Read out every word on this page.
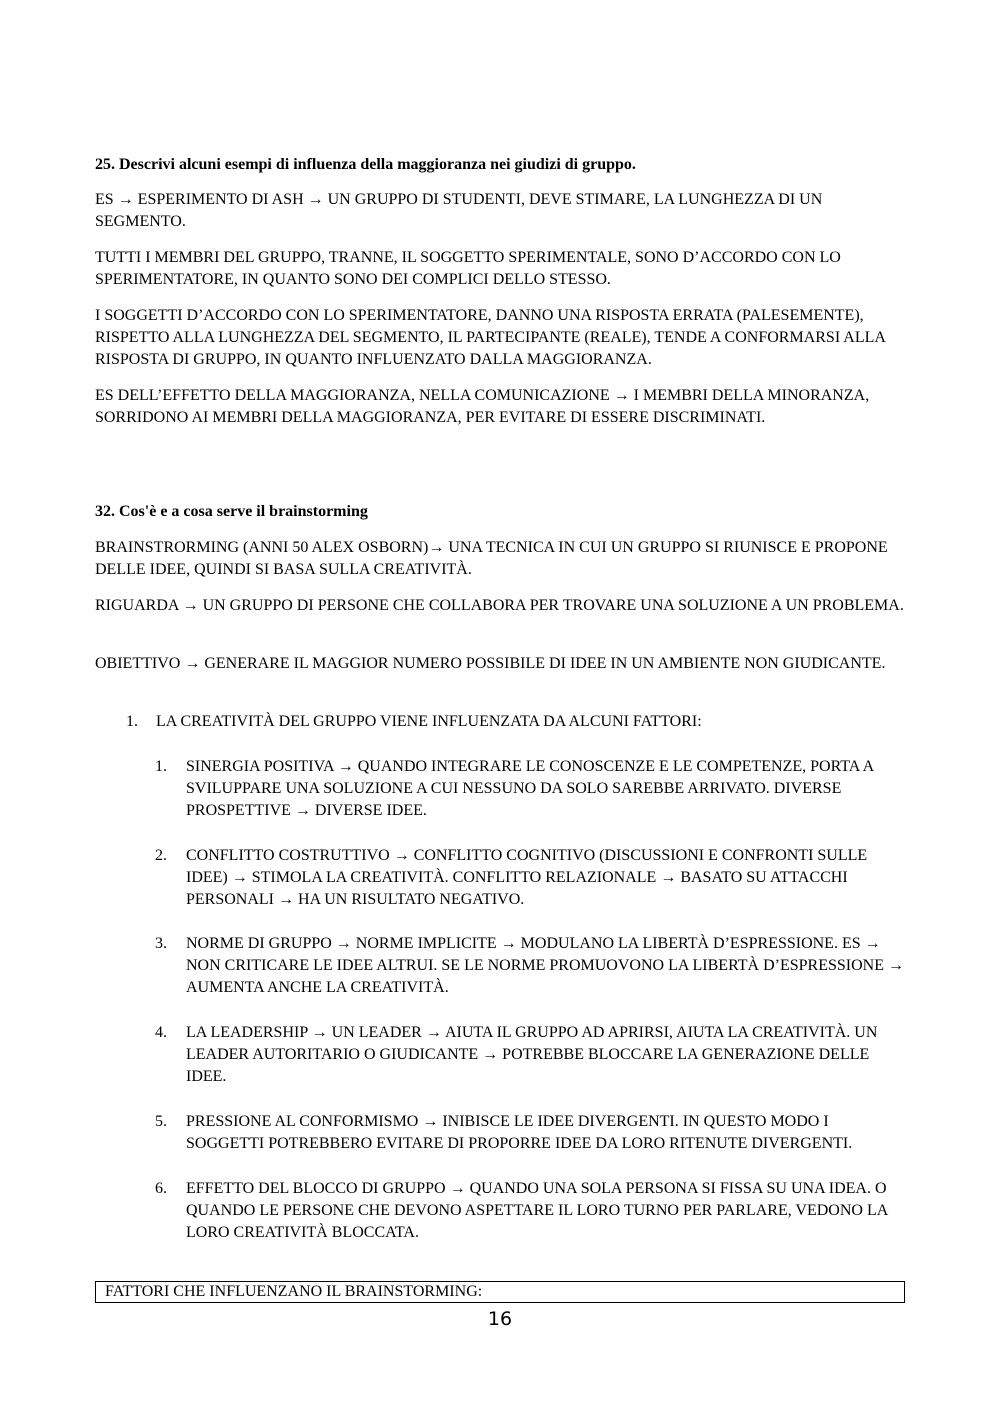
25. Descrivi alcuni esempi di influenza della maggioranza nei giudizi di gruppo.

ES → ESPERIMENTO DI ASH → UN GRUPPO DI STUDENTI, DEVE STIMARE, LA LUNGHEZZA DI UN SEGMENTO.

TUTTI I MEMBRI DEL GRUPPO, TRANNE, IL SOGGETTO SPERIMENTALE, SONO D’ACCORDO CON LO SPERIMENTATORE, IN QUANTO SONO DEI COMPLICI DELLO STESSO.

I SOGGETTI D’ACCORDO CON LO SPERIMENTATORE, DANNO UNA RISPOSTA ERRATA (PALESEMENTE), RISPETTO ALLA LUNGHEZZA DEL SEGMENTO, IL PARTECIPANTE (REALE), TENDE A CONFORMARSI ALLA RISPOSTA DI GRUPPO, IN QUANTO INFLUENZATO DALLA MAGGIORANZA.

ES DELL’EFFETTO DELLA MAGGIORANZA, NELLA COMUNICAZIONE → I MEMBRI DELLA MINORANZA, SORRIDONO AI MEMBRI DELLA MAGGIORANZA, PER EVITARE DI ESSERE DISCRIMINATI.

32. Cos'è e a cosa serve il brainstorming

BRAINSTRORMING (ANNI 50 ALEX OSBORN)→ UNA TECNICA IN CUI UN GRUPPO SI RIUNISCE E PROPONE DELLE IDEE, QUINDI SI BASA SULLA CREATIVITÀ.

RIGUARDA → UN GRUPPO DI PERSONE CHE COLLABORA PER TROVARE UNA SOLUZIONE A UN PROBLEMA.

OBIETTIVO → GENERARE IL MAGGIOR NUMERO POSSIBILE DI IDEE IN UN AMBIENTE NON GIUDICANTE.

1. LA CREATIVITÀ DEL GRUPPO VIENE INFLUENZATA DA ALCUNI FATTORI:
1. SINERGIA POSITIVA → QUANDO INTEGRARE LE CONOSCENZE E LE COMPETENZE, PORTA A SVILUPPARE UNA SOLUZIONE A CUI NESSUNO DA SOLO SAREBBE ARRIVATO. DIVERSE PROSPETTIVE → DIVERSE IDEE.
2. CONFLITTO COSTRUTTIVO → CONFLITTO COGNITIVO (DISCUSSIONI E CONFRONTI SULLE IDEE) → STIMOLA LA CREATIVITÀ. CONFLITTO RELAZIONALE → BASATO SU ATTACCHI PERSONALI → HA UN RISULTATO NEGATIVO.
3. NORME DI GRUPPO → NORME IMPLICITE → MODULANO LA LIBERTÀ D’ESPRESSIONE. ES → NON CRITICARE LE IDEE ALTRUI. SE LE NORME PROMUOVONO LA LIBERTÀ D’ESPRESSIONE → AUMENTA ANCHE LA CREATIVITÀ.
4. LA LEADERSHIP → UN LEADER → AIUTA IL GRUPPO AD APRIRSI, AIUTA LA CREATIVITÀ. UN LEADER AUTORITARIO O GIUDICANTE → POTREBBE BLOCCARE LA GENERAZIONE DELLE IDEE.
5. PRESSIONE AL CONFORMISMO → INIBISCE LE IDEE DIVERGENTI. IN QUESTO MODO I SOGGETTI POTREBBERO EVITARE DI PROPORRE IDEE DA LORO RITENUTE DIVERGENTI.
6. EFFETTO DEL BLOCCO DI GRUPPO → QUANDO UNA SOLA PERSONA SI FISSA SU UNA IDEA. O QUANDO LE PERSONE CHE DEVONO ASPETTARE IL LORO TURNO PER PARLARE, VEDONO LA LORO CREATIVITÀ BLOCCATA.
FATTORI CHE INFLUENZANO IL BRAINSTORMING:
16
